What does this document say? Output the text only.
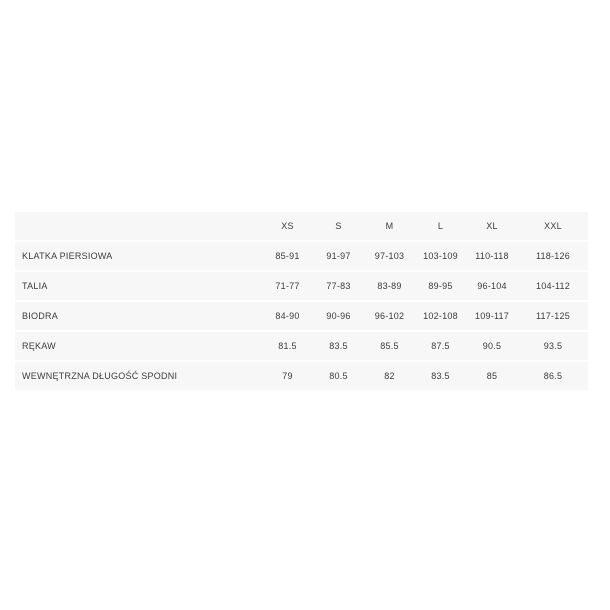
	XS	S	M	L	XL	XXL
KLATKA PIERSIOWA	85-91	91-97	97-103	103-109	110-118	118-126
TALIA	71-77	77-83	83-89	89-95	96-104	104-112
BIODRA	84-90	90-96	96-102	102-108	109-117	117-125
RĘKAW	81.5	83.5	85.5	87.5	90.5	93.5
WEWNĘTRZNA DŁUGOŚĆ SPODNI	79	80.5	82	83.5	85	86.5
